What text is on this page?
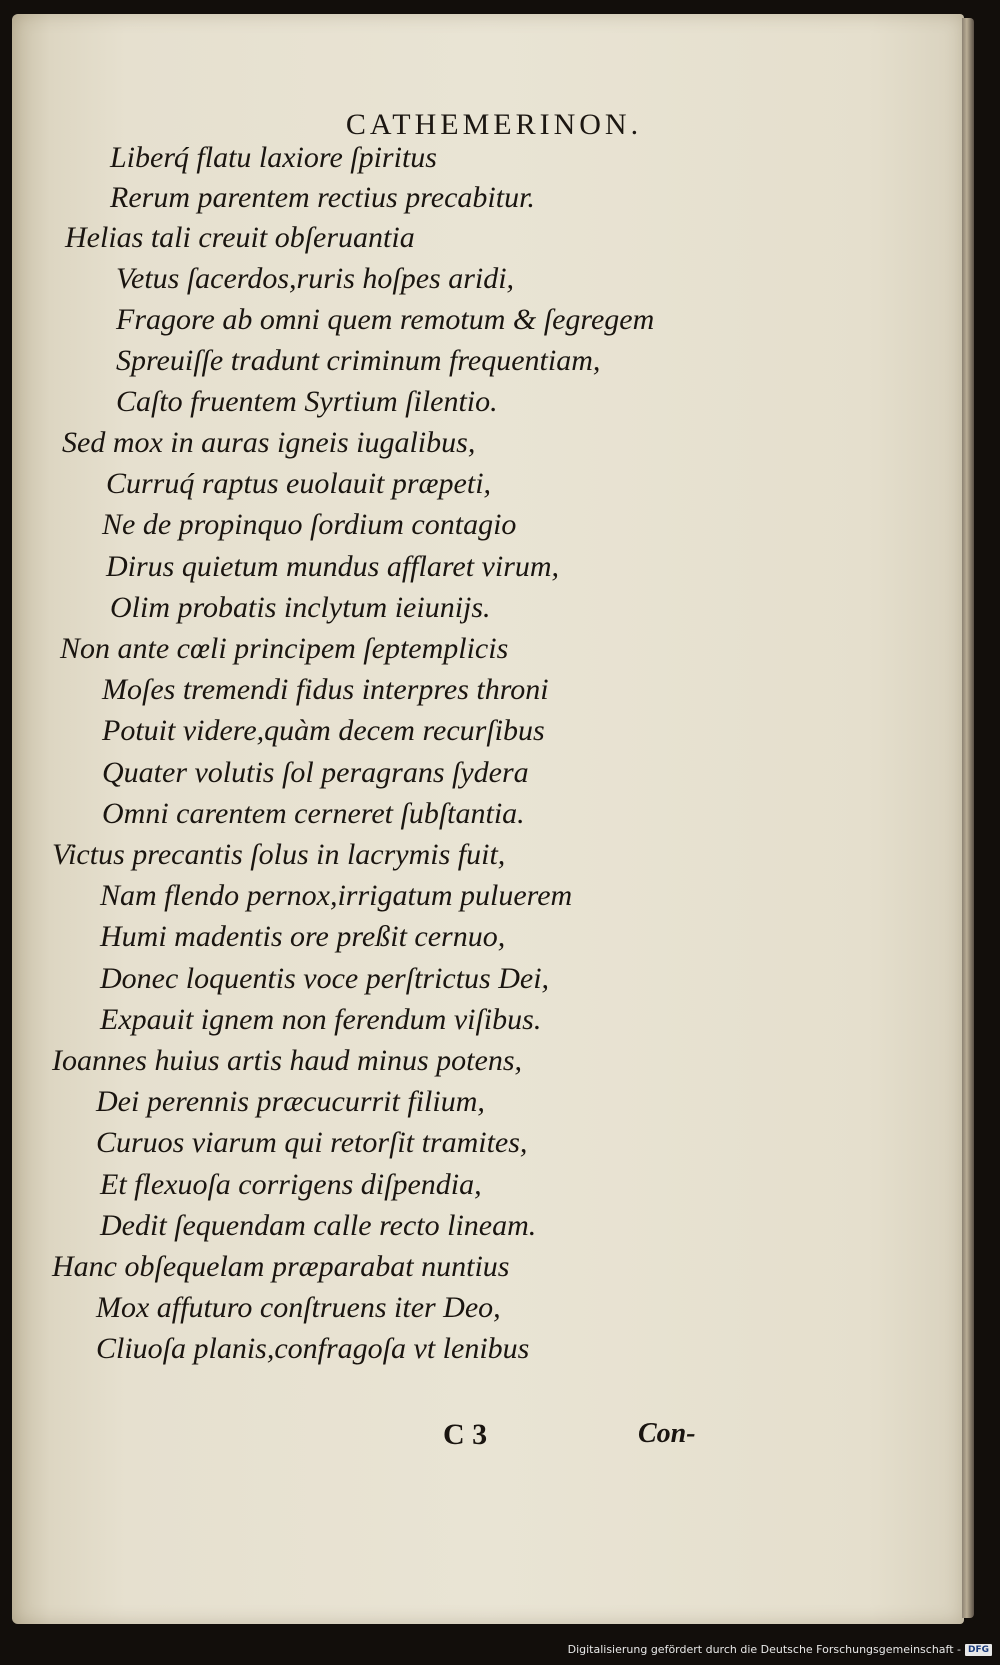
CATHEMERINON.
Liberq́ flatu laxiore ſpiritus
Rerum parentem rectius precabitur.
Helias tali creuit obſeruantia
Vetus ſacerdos,ruris hoſpes aridi,
Fragore ab omni quem remotum & ſegregem
Spreuiſſe tradunt criminum frequentiam,
Caſto fruentem Syrtium ſilentio.
Sed mox in auras igneis iugalibus,
Curruq́ raptus euolauit præpeti,
Ne de propinquo ſordium contagio
Dirus quietum mundus afflaret virum,
Olim probatis inclytum ieiunijs.
Non ante cœli principem ſeptemplicis
Moſes tremendi fidus interpres throni
Potuit videre,quàm decem recurſibus
Quater volutis ſol peragrans ſydera
Omni carentem cerneret ſubſtantia.
Victus precantis ſolus in lacrymis fuit,
Nam flendo pernox,irrigatum puluerem
Humi madentis ore preßit cernuo,
Donec loquentis voce perſtrictus Dei,
Expauit ignem non ferendum viſibus.
Ioannes huius artis haud minus potens,
Dei perennis præcucurrit filium,
Curuos viarum qui retorſit tramites,
Et flexuoſa corrigens diſpendia,
Dedit ſequendam calle recto lineam.
Hanc obſequelam præparabat nuntius
Mox affuturo conſtruens iter Deo,
Cliuoſa planis,confragoſa vt lenibus
C 3	Con-
Digitalisierung gefördert durch die Deutsche Forschungsgemeinschaft - DFG
